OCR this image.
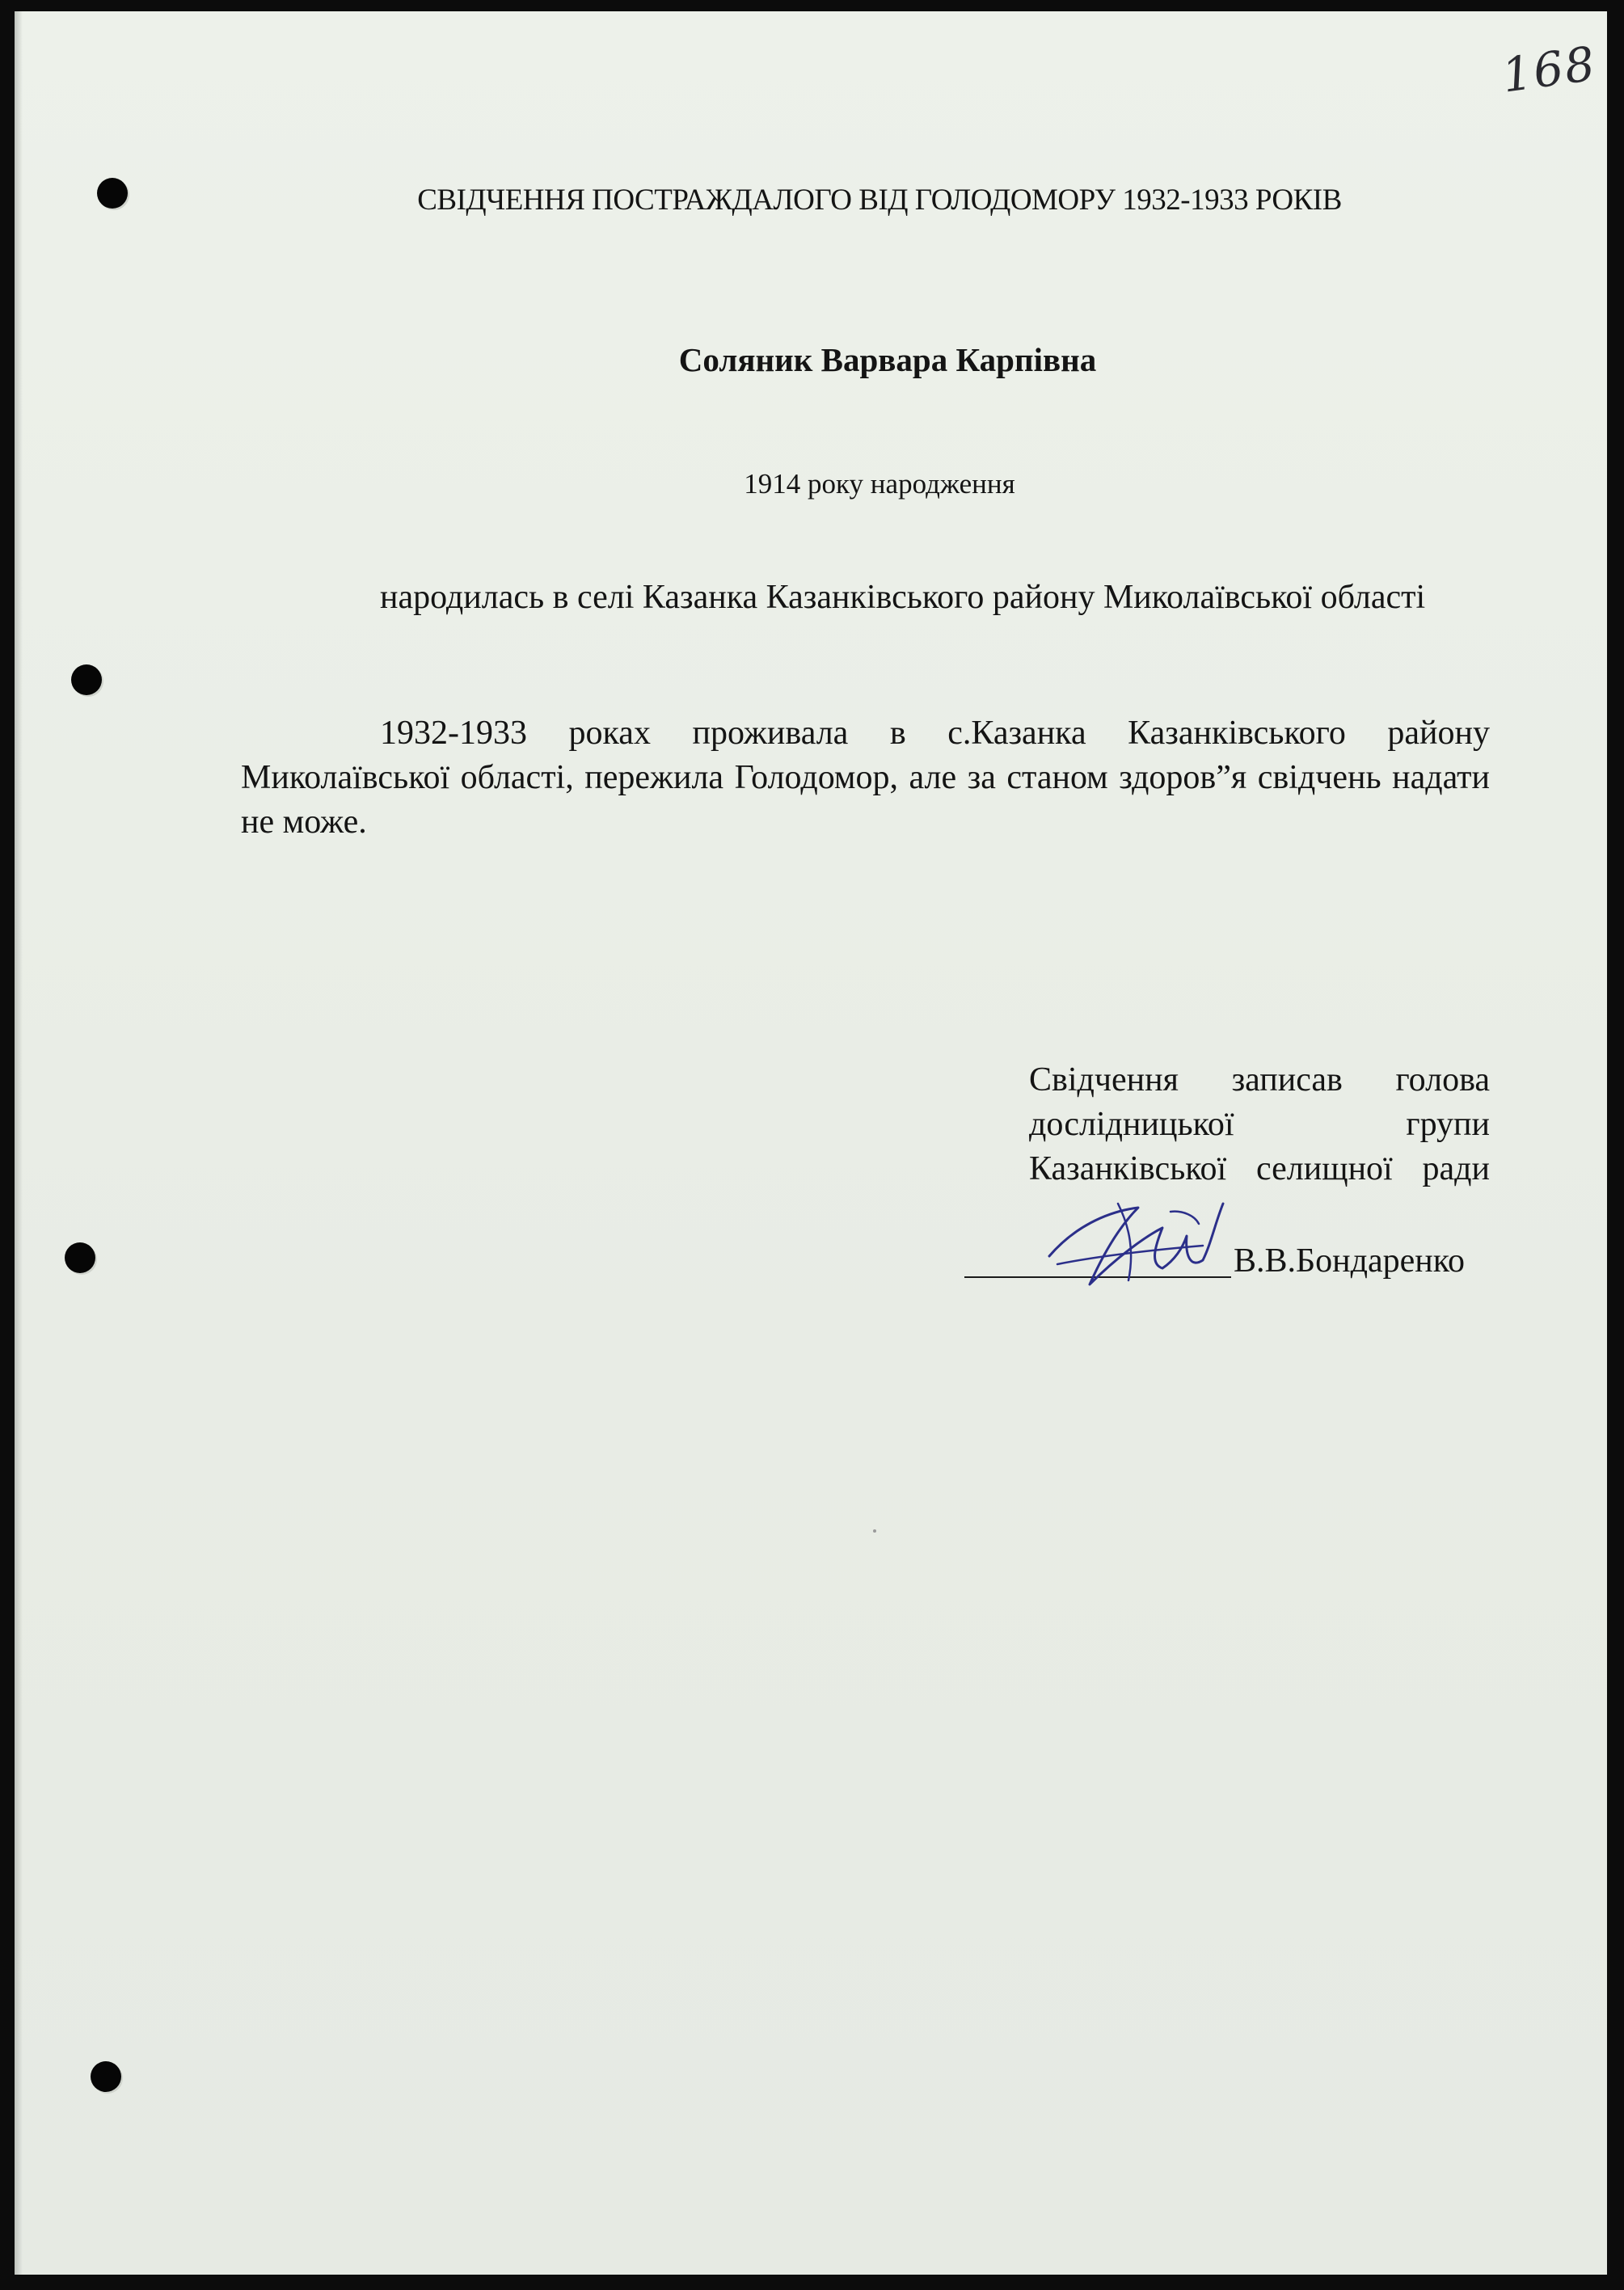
168
СВІДЧЕННЯ ПОСТРАЖДАЛОГО ВІД ГОЛОДОМОРУ 1932-1933 РОКІВ
Соляник Варвара Карпівна
1914 року народження
народилась в селі Казанка Казанківського району Миколаївської області
1932-1933 роках проживала в с.Казанка Казанківського району Миколаївської області, пережила Голодомор, але за станом здоров”я свідчень надати не може.
Свідчення записав голова дослідницької групи
Казанківської селищної ради
В.В.Бондаренко
